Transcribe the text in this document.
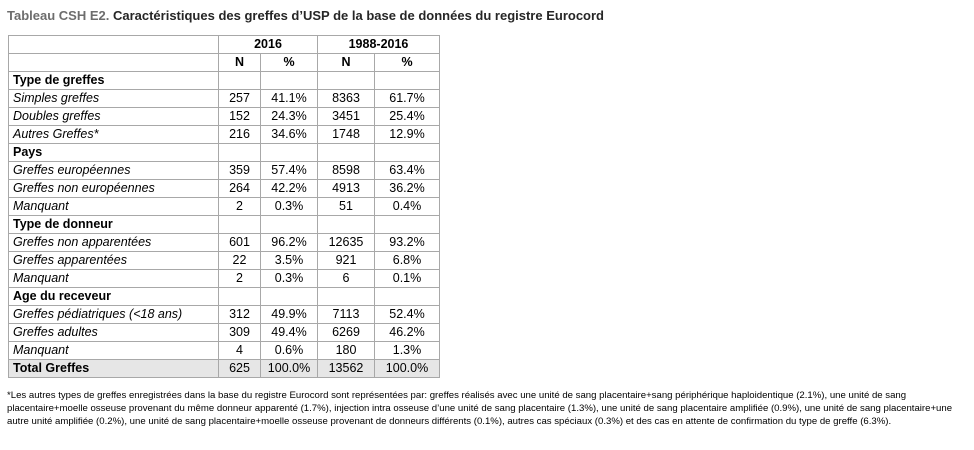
Tableau CSH E2. Caractéristiques des greffes d’USP de la base de données du registre Eurocord
	2016		1988-2016	
	N	%	N	%
Type de greffes				
Simples greffes	257	41.1%	8363	61.7%
Doubles greffes	152	24.3%	3451	25.4%
Autres Greffes*	216	34.6%	1748	12.9%
Pays				
Greffes européennes	359	57.4%	8598	63.4%
Greffes non européennes	264	42.2%	4913	36.2%
Manquant	2	0.3%	51	0.4%
Type de donneur				
Greffes non apparentées	601	96.2%	12635	93.2%
Greffes apparentées	22	3.5%	921	6.8%
Manquant	2	0.3%	6	0.1%
Age du receveur				
Greffes pédiatriques (<18 ans)	312	49.9%	7113	52.4%
Greffes adultes	309	49.4%	6269	46.2%
Manquant	4	0.6%	180	1.3%
Total Greffes	625	100.0%	13562	100.0%
*Les autres types de greffes enregistrées dans la base du registre Eurocord sont représentées par: greffes réalisés avec une unité de sang placentaire+sang périphérique haploidentique (2.1%), une unité de sang placentaire+moelle osseuse provenant du même donneur apparenté (1.7%), injection intra osseuse d’une unité de sang placentaire (1.3%), une unité de sang placentaire amplifiée (0.9%), une unité de sang placentaire+une autre unité amplifiée (0.2%), une unité de sang placentaire+moelle osseuse provenant de donneurs différents (0.1%), autres cas spéciaux (0.3%) et des cas en attente de confirmation du type de greffe (6.3%).
